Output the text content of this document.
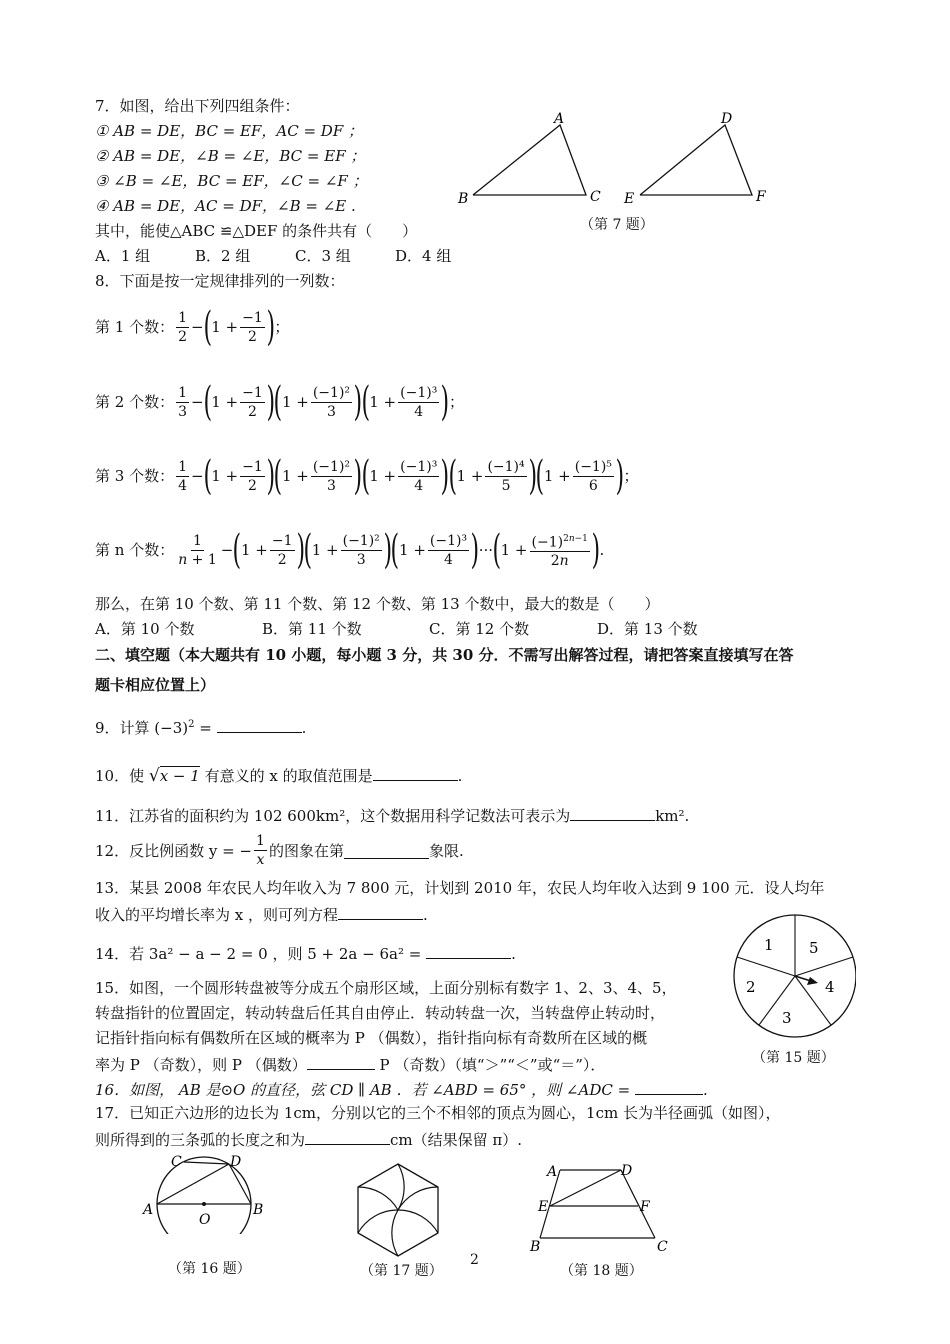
7．如图，给出下列四组条件：
① AB = DE，BC = EF，AC = DF ；
② AB = DE，∠B = ∠E，BC = EF ；
③ ∠B = ∠E，BC = EF，∠C = ∠F ；
④ AB = DE，AC = DF，∠B = ∠E .
其中，能使△ABC ≌△DEF 的条件共有（　　）
A．1 组	B．2 组	C．3 组	D．4 组
A
B	C
D
E	F
（第 7 题）
8．下面是按一定规律排列的一列数：
第 1 个数： $\frac{1}{2}$ − ( $1 + \frac{-1}{2}$ ) ；
第 2 个数： $\frac{1}{3}$ − ( $1 + \frac{-1}{2}$ ) ( $1 + \frac{\text{(−1)²}}{3}$ ) ( $1 + \frac{\text{(−1)³}}{4}$ ) ；
第 3 个数： $\frac{1}{4}$ − ( $1 + \frac{-1}{2}$ ) ( $1 + \frac{\text{(−1)²}}{3}$ ) ( $1 + \frac{\text{(−1)³}}{4}$ ) ( $1 + \frac{\text{(−1)⁴}}{5}$ ) ( $1 + \frac{\text{(−1)⁵}}{6}$ ) ；
第 n 个数： $\frac{1}{n + 1}$ − ( $1 + \frac{-1}{2}$ ) ( $1 + \frac{\text{(−1)²}}{3}$ ) ( $1 + \frac{\text{(−1)³}}{4}$ ) ··· ( $1 + \frac{(-1)^{2n-1}}{2n}$ ) .
那么，在第 10 个数、第 11 个数、第 12 个数、第 13 个数中，最大的数是（　　）
A．第 10 个数	B．第 11 个数	C．第 12 个数	D．第 13 个数
二、填空题（本大题共有 10 小题，每小题 3 分，共 30 分．不需写出解答过程，请把答案直接填写在答
题卡相应位置上）
9．计算 $(-3)^2$ =	.
10．使 √x − 1 有意义的 x 的取值范围是	.
11．江苏省的面积约为 102 600km²，这个数据用科学记数法可表示为	km².
12．反比例函数 y = − $\frac{1}{x}$ 的图象在第	象限.
13．某县 2008 年农民人均年收入为 7 800 元，计划到 2010 年，农民人均年收入达到 9 100 元．设人均年
收入的平均增长率为 x ，则可列方程	.
14．若 3a² − a − 2 = 0 ，则 5 + 2a − 6a² =	.
15．如图，一个圆形转盘被等分成五个扇形区域，上面分别标有数字 1、2、3、4、5，
转盘指针的位置固定，转动转盘后任其自由停止．转动转盘一次，当转盘停止转动时，
记指针指向标有偶数所在区域的概率为 P （偶数），指针指向标有奇数所在区域的概
率为 P （奇数），则 P （偶数）	P （奇数）（填“＞”“＜”或“＝”）．
1 5
4
3
2
（第 15 题）
16．如图， AB 是⊙O 的直径，弦 CD ∥ AB ．若 ∠ABD = 65° ，则 ∠ADC =	.
17．已知正六边形的边长为 1cm，分别以它的三个不相邻的顶点为圆心，1cm 长为半径画弧（如图），
则所得到的三条弧的长度之和为	cm（结果保留 π）.
C	D
A	B
O
（第 16 题）	（第 17 题）
2
A	D
E	F
B	C
（第 18 题）
